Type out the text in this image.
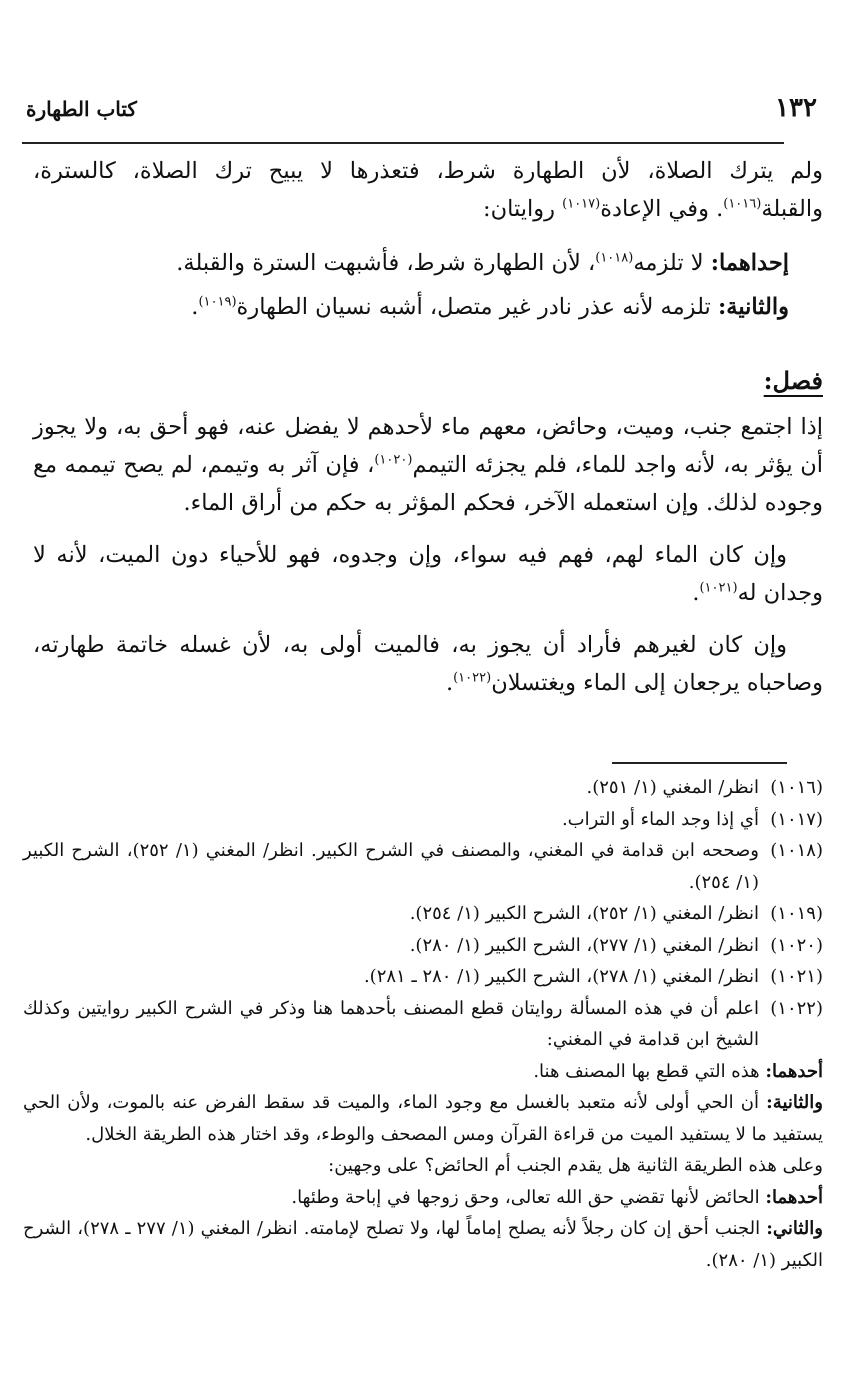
١٣٢
كتاب الطهارة

ولم يترك الصلاة، لأن الطهارة شرط، فتعذرها لا يبيح ترك الصلاة، كالسترة، والقبلة$^{(١٠١٦)}$. وفي الإعادة$^{(١٠١٧)}$ روايتان:

إحداهما: لا تلزمه$^{(١٠١٨)}$، لأن الطهارة شرط، فأشبهت السترة والقبلة.

والثانية: تلزمه لأنه عذر نادر غير متصل، أشبه نسيان الطهارة$^{(١٠١٩)}$.

فصل:

إذا اجتمع جنب، وميت، وحائض، معهم ماء لأحدهم لا يفضل عنه، فهو أحق به، ولا يجوز أن يؤثر به، لأنه واجد للماء، فلم يجزئه التيمم$^{(١٠٢٠)}$، فإن آثر به وتيمم، لم يصح تيممه مع وجوده لذلك. وإن استعمله الآخر، فحكم المؤثر به حكم من أراق الماء.

وإن كان الماء لهم، فهم فيه سواء، وإن وجدوه، فهو للأحياء دون الميت، لأنه لا وجدان له$^{(١٠٢١)}$.

وإن كان لغيرهم فأراد أن يجوز به، فالميت أولى به، لأن غسله خاتمة طهارته، وصاحباه يرجعان إلى الماء ويغتسلان$^{(١٠٢٢)}$.

(١٠١٦)

انظر/ المغني (١/ ٢٥١).

(١٠١٧)

أي إذا وجد الماء أو التراب.

(١٠١٨)

وصححه ابن قدامة في المغني، والمصنف في الشرح الكبير. انظر/ المغني (١/ ٢٥٢)، الشرح الكبير (١/ ٢٥٤).

(١٠١٩)

انظر/ المغني (١/ ٢٥٢)، الشرح الكبير (١/ ٢٥٤).

(١٠٢٠)

انظر/ المغني (١/ ٢٧٧)، الشرح الكبير (١/ ٢٨٠).

(١٠٢١)

انظر/ المغني (١/ ٢٧٨)، الشرح الكبير (١/ ٢٨٠ ـ ٢٨١).

(١٠٢٢)

اعلم أن في هذه المسألة روايتان قطع المصنف بأحدهما هنا وذكر في الشرح الكبير روايتين وكذلك الشيخ ابن قدامة في المغني:

أحدهما: هذه التي قطع بها المصنف هنا.

والثانية: أن الحي أولى لأنه متعبد بالغسل مع وجود الماء، والميت قد سقط الفرض عنه بالموت، ولأن الحي يستفيد ما لا يستفيد الميت من قراءة القرآن ومس المصحف والوطء، وقد اختار هذه الطريقة الخلال.

وعلى هذه الطريقة الثانية هل يقدم الجنب أم الحائض؟ على وجهين:

أحدهما: الحائض لأنها تقضي حق الله تعالى، وحق زوجها في إباحة وطئها.

والثاني: الجنب أحق إن كان رجلاً لأنه يصلح إماماً لها، ولا تصلح لإمامته. انظر/ المغني (١/ ٢٧٧ ـ ٢٧٨)، الشرح الكبير (١/ ٢٨٠).
